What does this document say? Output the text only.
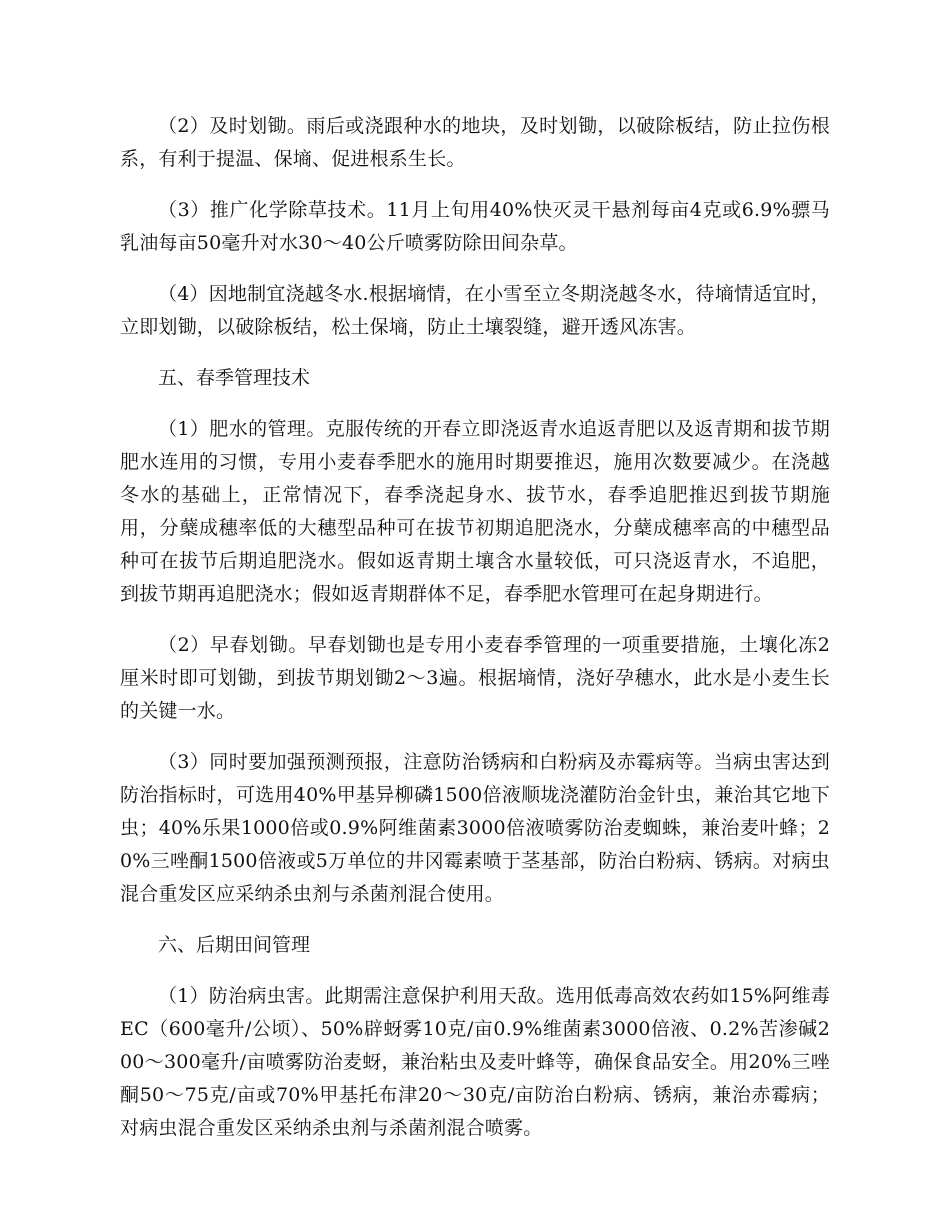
（2）及时划锄。雨后或浇跟种水的地块，及时划锄，以破除板结，防止拉伤根系，有利于提温、保墒、促进根系生长。

（3）推广化学除草技术。11月上旬用40%快灭灵干悬剂每亩4克或6.9%骠马乳油每亩50毫升对水30～40公斤喷雾防除田间杂草。

（4）因地制宜浇越冬水.根据墒情，在小雪至立冬期浇越冬水，待墒情适宜时，立即划锄，以破除板结，松土保墒，防止土壤裂缝，避开透风冻害。

五、春季管理技术

（1）肥水的管理。克服传统的开春立即浇返青水追返青肥以及返青期和拔节期肥水连用的习惯，专用小麦春季肥水的施用时期要推迟，施用次数要减少。在浇越冬水的基础上，正常情况下，春季浇起身水、拔节水，春季追肥推迟到拔节期施用，分蘖成穗率低的大穗型品种可在拔节初期追肥浇水，分蘖成穗率高的中穗型品种可在拔节后期追肥浇水。假如返青期土壤含水量较低，可只浇返青水，不追肥，到拔节期再追肥浇水；假如返青期群体不足，春季肥水管理可在起身期进行。

（2）早春划锄。早春划锄也是专用小麦春季管理的一项重要措施，土壤化冻2厘米时即可划锄，到拔节期划锄2～3遍。根据墒情，浇好孕穗水，此水是小麦生长的关键一水。

（3）同时要加强预测预报，注意防治锈病和白粉病及赤霉病等。当病虫害达到防治指标时，可选用40%甲基异柳磷1500倍液顺垅浇灌防治金针虫，兼治其它地下虫；40%乐果1000倍或0.9%阿维菌素3000倍液喷雾防治麦蜘蛛，兼治麦叶蜂；20%三唑酮1500倍液或5万单位的井冈霉素喷于茎基部，防治白粉病、锈病。对病虫混合重发区应采纳杀虫剂与杀菌剂混合使用。

六、后期田间管理

（1）防治病虫害。此期需注意保护利用天敌。选用低毒高效农药如15%阿维毒EC（600毫升/公顷）、50%辟蚜雾10克/亩0.9%维菌素3000倍液、0.2%苦渗碱200～300毫升/亩喷雾防治麦蚜，兼治粘虫及麦叶蜂等，确保食品安全。用20%三唑酮50～75克/亩或70%甲基托布津20～30克/亩防治白粉病、锈病，兼治赤霉病；对病虫混合重发区采纳杀虫剂与杀菌剂混合喷雾。
